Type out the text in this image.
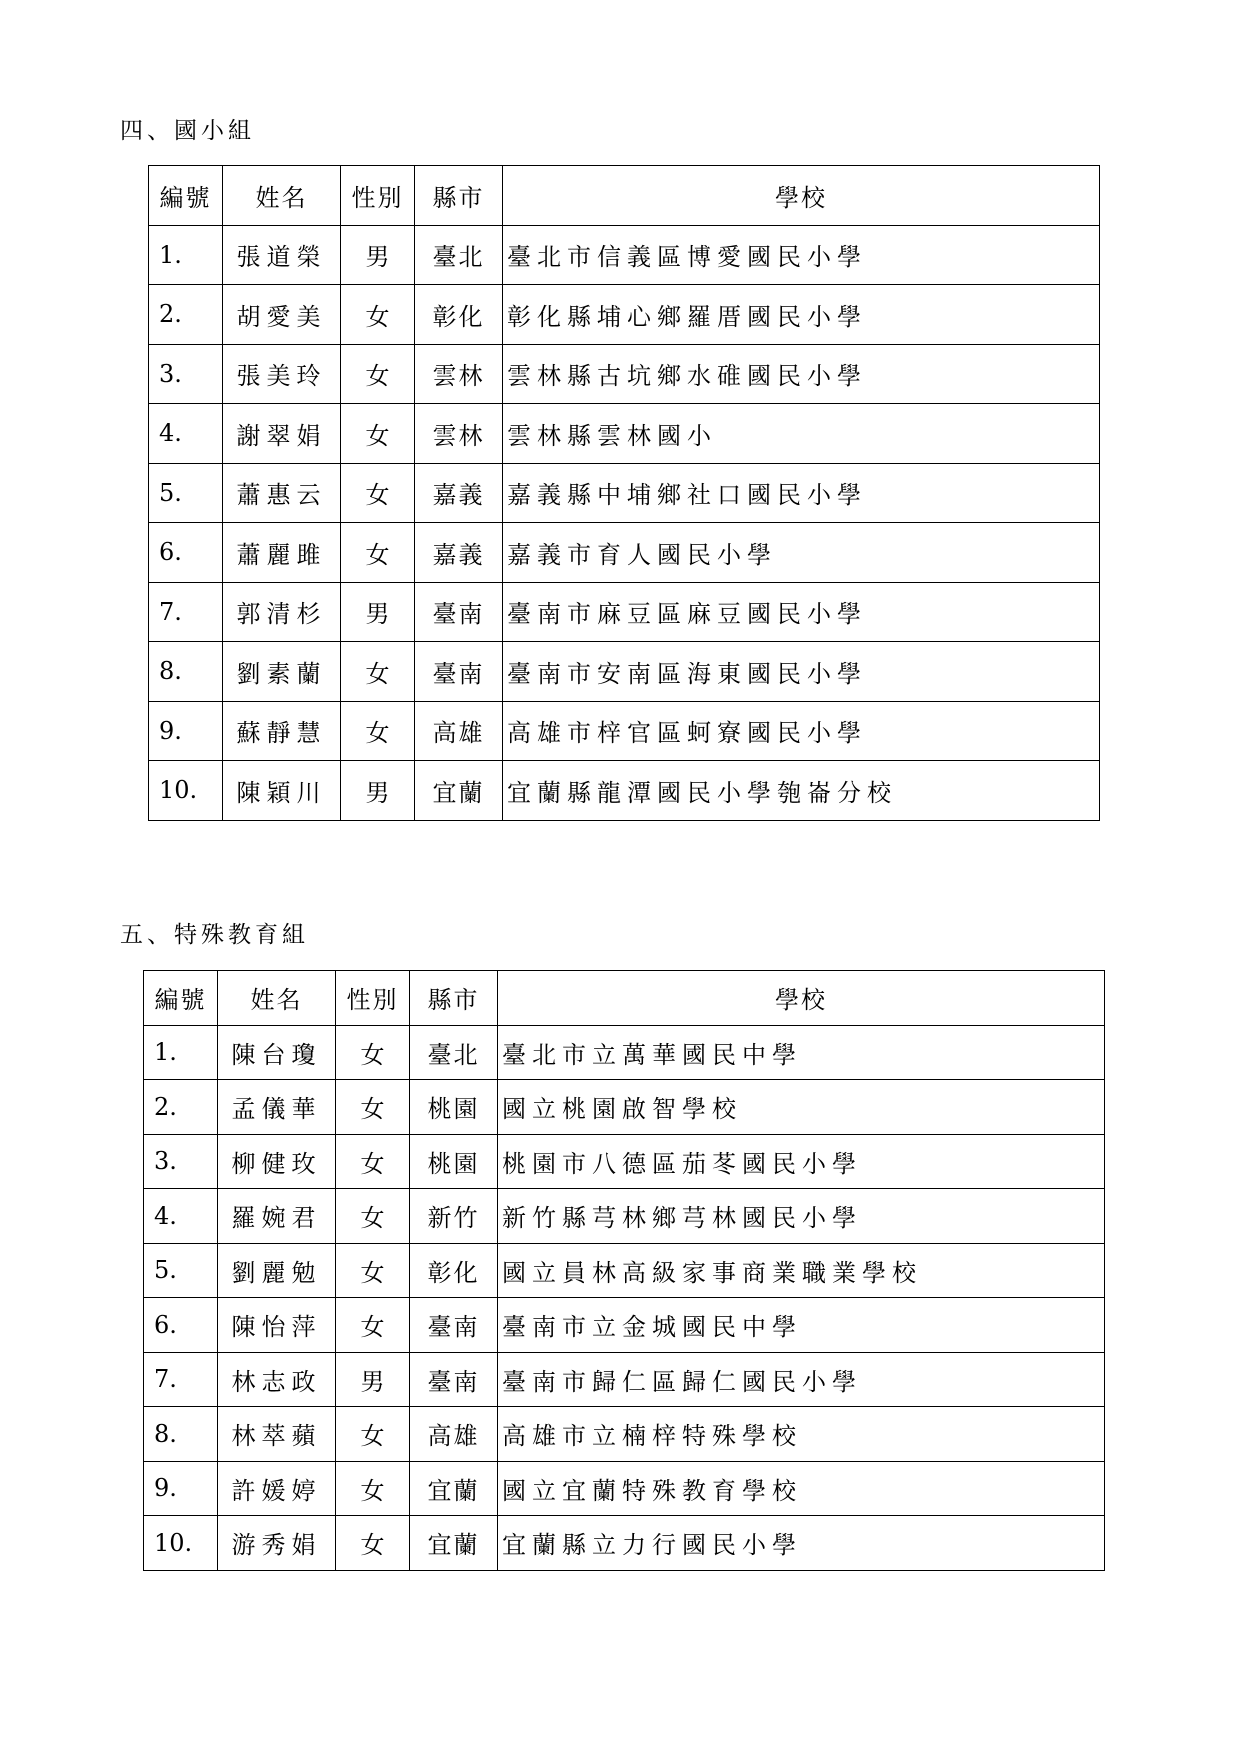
四、國小組
編號	姓名	性別	縣市	學校
1.	張道榮	男	臺北	臺北市信義區博愛國民小學
2.	胡愛美	女	彰化	彰化縣埔心鄉羅厝國民小學
3.	張美玲	女	雲林	雲林縣古坑鄉水碓國民小學
4.	謝翠娟	女	雲林	雲林縣雲林國小
5.	蕭惠云	女	嘉義	嘉義縣中埔鄉社口國民小學
6.	蕭麗雎	女	嘉義	嘉義市育人國民小學
7.	郭清杉	男	臺南	臺南市麻豆區麻豆國民小學
8.	劉素蘭	女	臺南	臺南市安南區海東國民小學
9.	蘇靜慧	女	高雄	高雄市梓官區蚵寮國民小學
10.	陳穎川	男	宜蘭	宜蘭縣龍潭國民小學匏崙分校
五、特殊教育組
編號	姓名	性別	縣市	學校
1.	陳台瓊	女	臺北	臺北市立萬華國民中學
2.	孟儀華	女	桃園	國立桃園啟智學校
3.	柳健玫	女	桃園	桃園市八德區茄苳國民小學
4.	羅婉君	女	新竹	新竹縣芎林鄉芎林國民小學
5.	劉麗勉	女	彰化	國立員林高級家事商業職業學校
6.	陳怡萍	女	臺南	臺南市立金城國民中學
7.	林志政	男	臺南	臺南市歸仁區歸仁國民小學
8.	林萃蘋	女	高雄	高雄市立楠梓特殊學校
9.	許媛婷	女	宜蘭	國立宜蘭特殊教育學校
10.	游秀娟	女	宜蘭	宜蘭縣立力行國民小學
